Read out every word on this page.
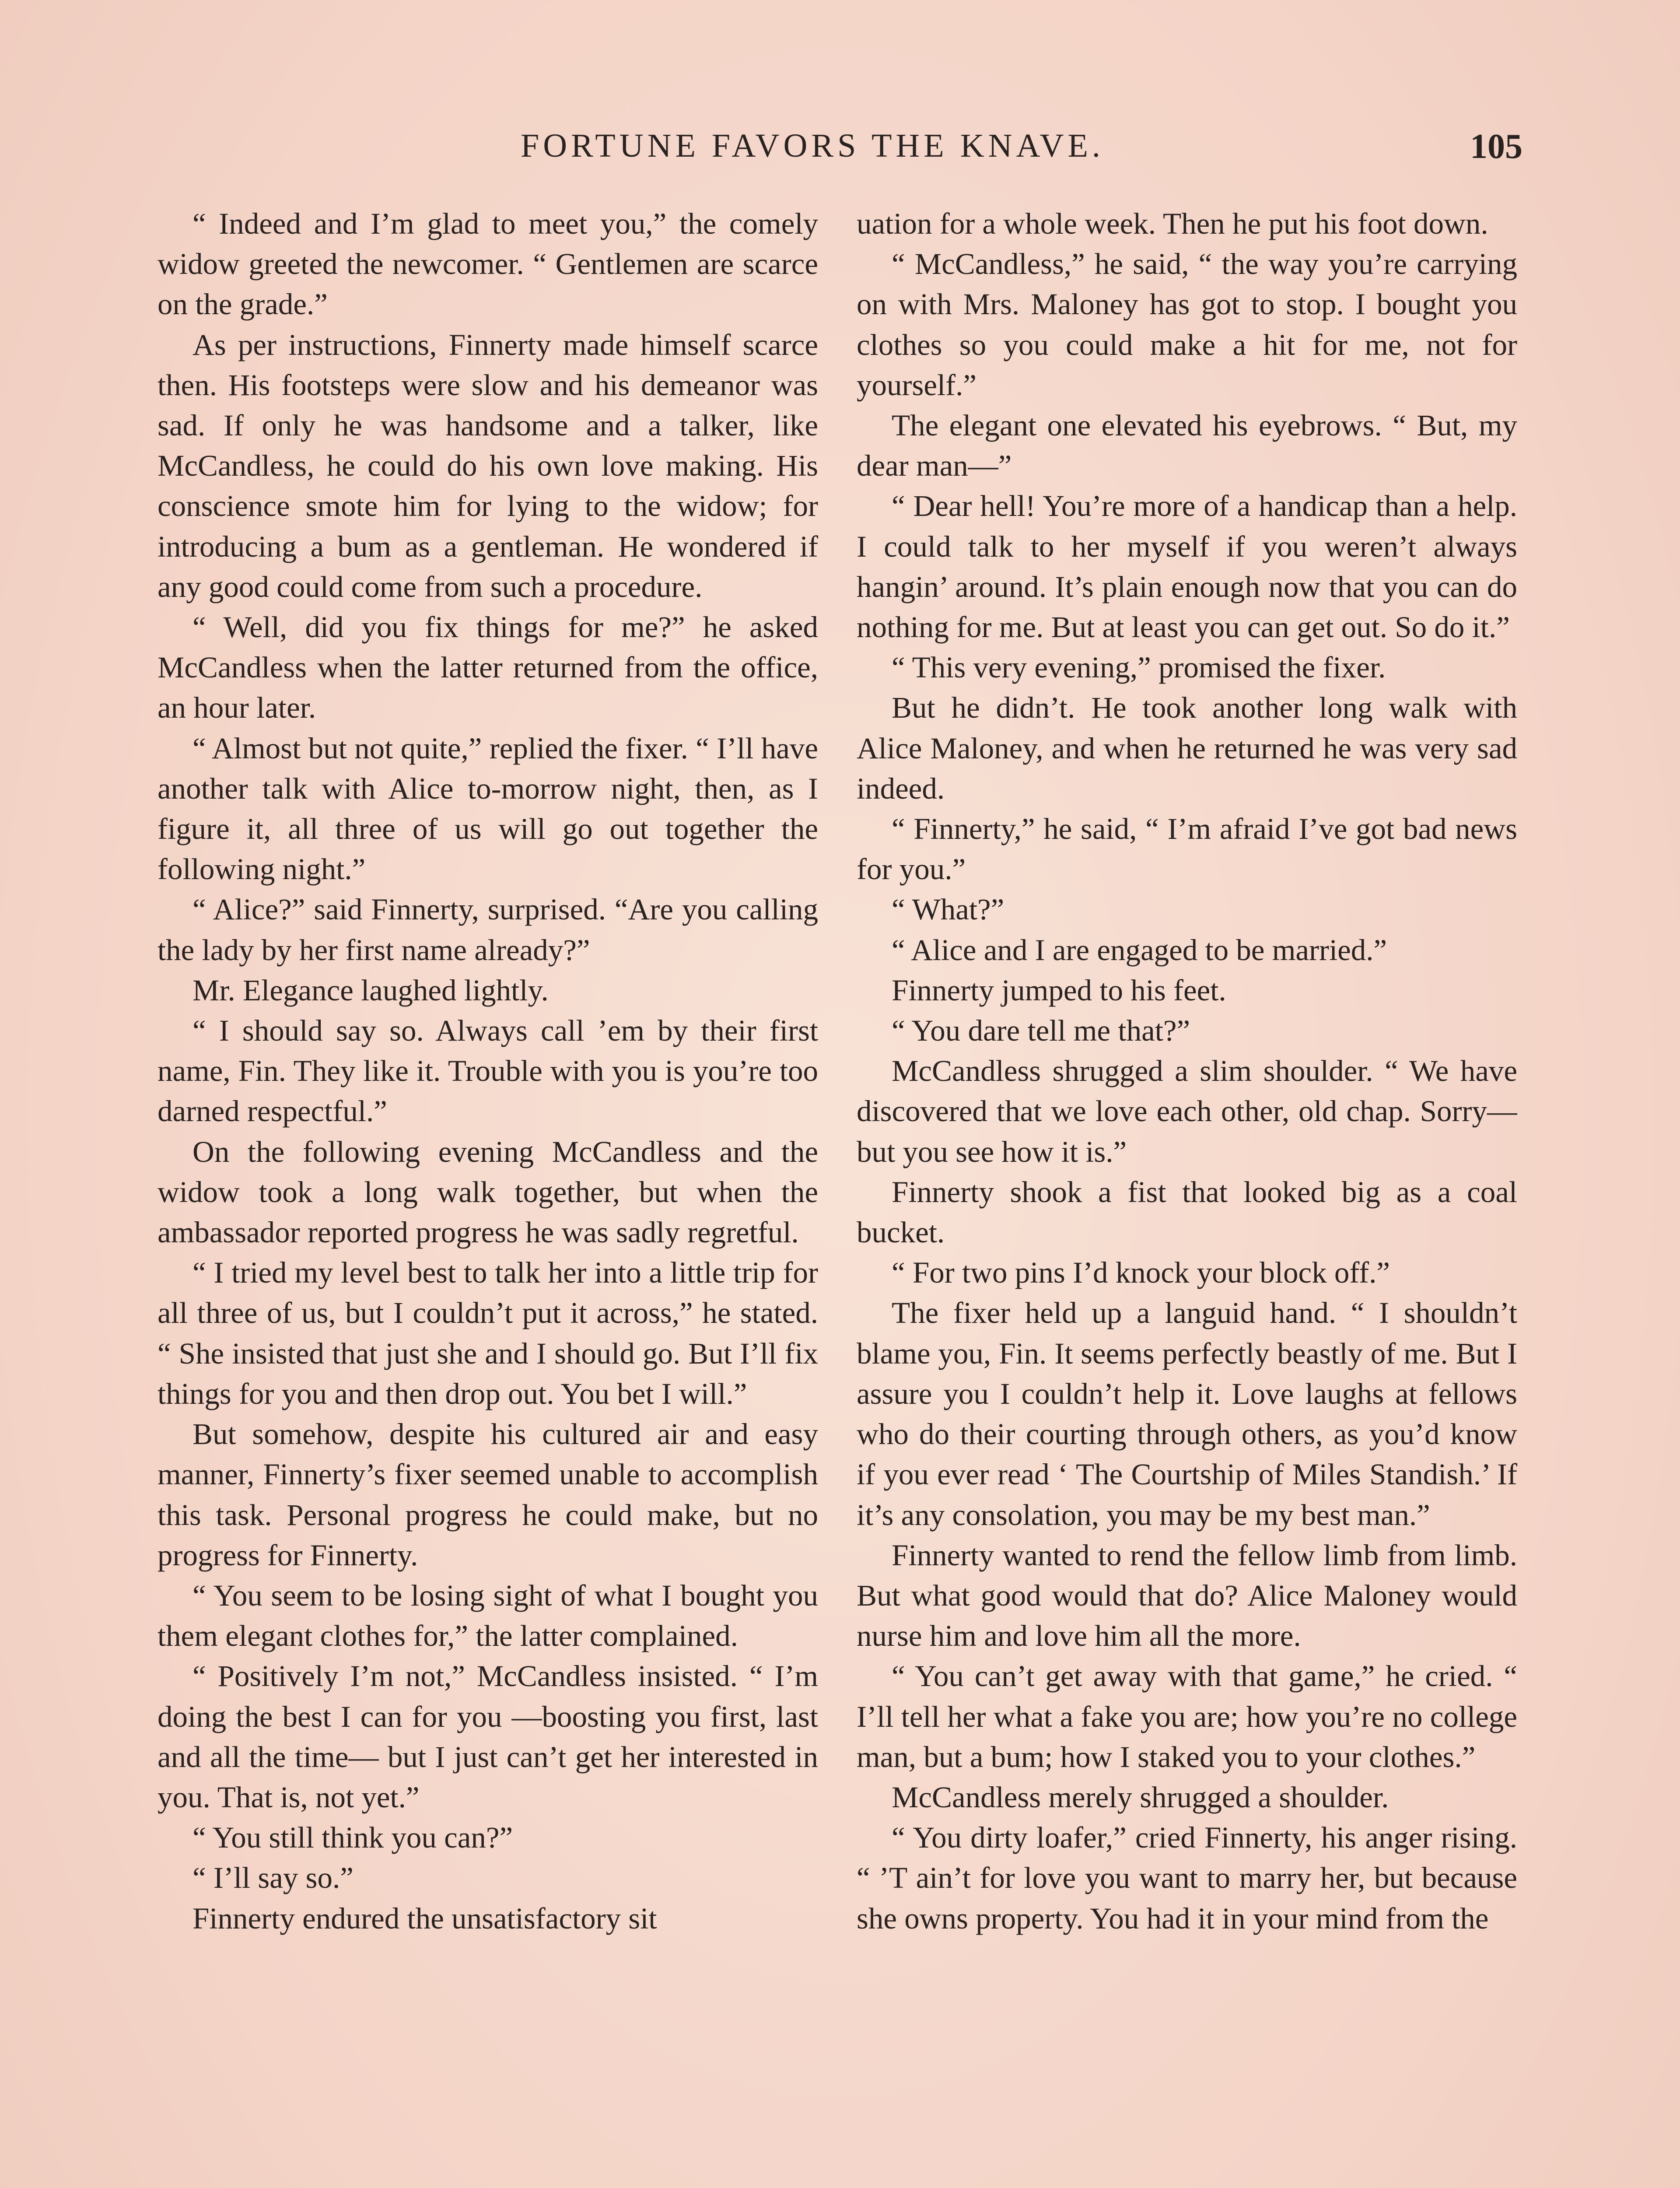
FORTUNE FAVORS THE KNAVE.	105

“ Indeed and I’m glad to meet you,” the comely widow greeted the newcomer. “ Gentlemen are scarce on the grade.”

As per instructions, Finnerty made himself scarce then. His footsteps were slow and his demeanor was sad. If only he was handsome and a talker, like McCandless, he could do his own love making. His conscience smote him for lying to the widow; for introducing a bum as a gentleman. He wondered if any good could come from such a procedure.

“ Well, did you fix things for me?” he asked McCandless when the latter returned from the office, an hour later.

“ Almost but not quite,” replied the fixer. “ I’ll have another talk with Alice to-morrow night, then, as I figure it, all three of us will go out together the following night.”

“ Alice?” said Finnerty, surprised. “Are you calling the lady by her first name already?”

Mr. Elegance laughed lightly.

“ I should say so. Always call ’em by their first name, Fin. They like it. Trouble with you is you’re too darned respectful.”

On the following evening McCandless and the widow took a long walk together, but when the ambassador reported progress he was sadly regretful.

“ I tried my level best to talk her into a little trip for all three of us, but I couldn’t put it across,” he stated. “ She insisted that just she and I should go. But I’ll fix things for you and then drop out. You bet I will.”

But somehow, despite his cultured air and easy manner, Finnerty’s fixer seemed unable to accomplish this task. Personal progress he could make, but no progress for Finnerty.

“ You seem to be losing sight of what I bought you them elegant clothes for,” the latter complained.

“ Positively I’m not,” McCandless insisted. “ I’m doing the best I can for you —boosting you first, last and all the time— but I just can’t get her interested in you. That is, not yet.”

“ You still think you can?”

“ I’ll say so.”

Finnerty endured the unsatisfactory sit

uation for a whole week. Then he put his foot down.

“ McCandless,” he said, “ the way you’re carrying on with Mrs. Maloney has got to stop. I bought you clothes so you could make a hit for me, not for yourself.”

The elegant one elevated his eyebrows. “ But, my dear man—”

“ Dear hell! You’re more of a handicap than a help. I could talk to her myself if you weren’t always hangin’ around. It’s plain enough now that you can do nothing for me. But at least you can get out. So do it.”

“ This very evening,” promised the fixer.

But he didn’t. He took another long walk with Alice Maloney, and when he returned he was very sad indeed.

“ Finnerty,” he said, “ I’m afraid I’ve got bad news for you.”

“ What?”

“ Alice and I are engaged to be married.”

Finnerty jumped to his feet.

“ You dare tell me that?”

McCandless shrugged a slim shoulder. “ We have discovered that we love each other, old chap. Sorry—but you see how it is.”

Finnerty shook a fist that looked big as a coal bucket.

“ For two pins I’d knock your block off.”

The fixer held up a languid hand. “ I shouldn’t blame you, Fin. It seems perfectly beastly of me. But I assure you I couldn’t help it. Love laughs at fellows who do their courting through others, as you’d know if you ever read ‘ The Courtship of Miles Standish.’ If it’s any consolation, you may be my best man.”

Finnerty wanted to rend the fellow limb from limb. But what good would that do? Alice Maloney would nurse him and love him all the more.

“ You can’t get away with that game,” he cried. “ I’ll tell her what a fake you are; how you’re no college man, but a bum; how I staked you to your clothes.”

McCandless merely shrugged a shoulder.

“ You dirty loafer,” cried Finnerty, his anger rising. “ ’T ain’t for love you want to marry her, but because she owns property. You had it in your mind from the
